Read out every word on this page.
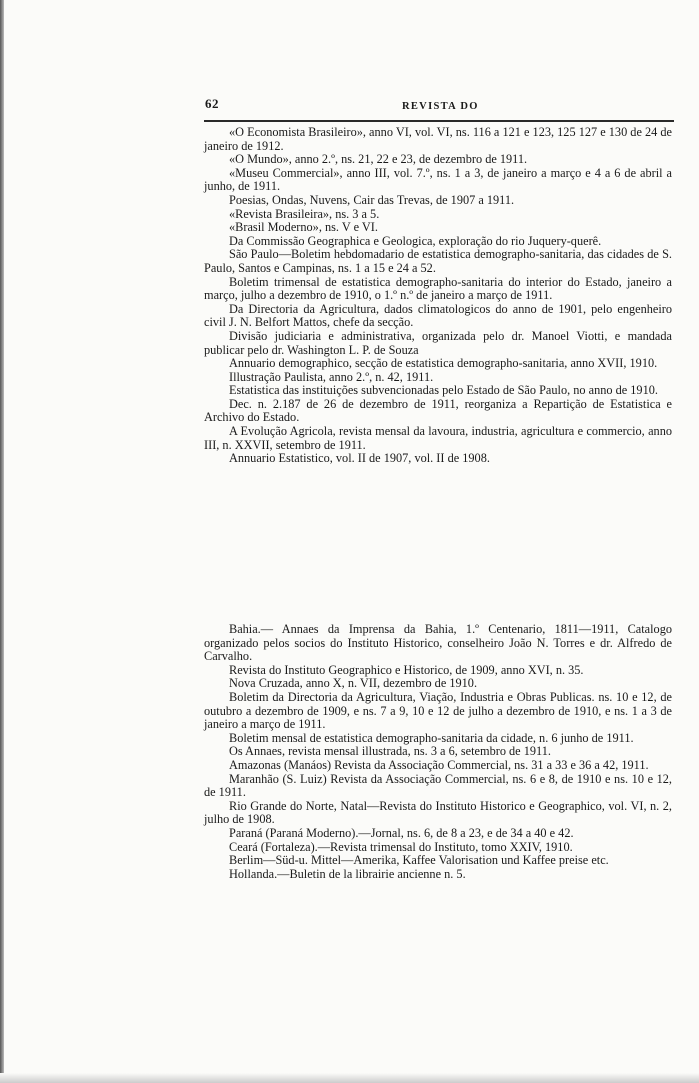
62	REVISTA DO

«O Economista Brasileiro», anno VI, vol. VI, ns. 116 a 121 e 123, 125 127 e 130 de 24 de janeiro de 1912.

«O Mundo», anno 2.º, ns. 21, 22 e 23, de dezembro de 1911.

«Museu Commercial», anno III, vol. 7.º, ns. 1 a 3, de janeiro a março e 4 a 6 de abril a junho, de 1911.

Poesias, Ondas, Nuvens, Cair das Trevas, de 1907 a 1911.

«Revista Brasileira», ns. 3 a 5.

«Brasil Moderno», ns. V e VI.

Da Commissão Geographica e Geologica, exploração do rio Juquery-querê.

São Paulo—Boletim hebdomadario de estatistica demographo-sanitaria, das cidades de S. Paulo, Santos e Campinas, ns. 1 a 15 e 24 a 52.

Boletim trimensal de estatistica demographo-sanitaria do interior do Estado, janeiro a março, julho a dezembro de 1910, o 1.º n.º de janeiro a março de 1911.

Da Directoria da Agricultura, dados climatologicos do anno de 1901, pelo engenheiro civil J. N. Belfort Mattos, chefe da secção.

Divisão judiciaria e administrativa, organizada pelo dr. Manoel Viotti, e mandada publicar pelo dr. Washington L. P. de Souza

Annuario demographico, secção de estatistica demographo-sanitaria, anno XVII, 1910.

Illustração Paulista, anno 2.º, n. 42, 1911.

Estatistica das instituições subvencionadas pelo Estado de São Paulo, no anno de 1910.

Dec. n. 2.187 de 26 de dezembro de 1911, reorganiza a Repartição de Estatistica e Archivo do Estado.

A Evolução Agricola, revista mensal da lavoura, industria, agricultura e commercio, anno III, n. XXVII, setembro de 1911.

Annuario Estatistico, vol. II de 1907, vol. II de 1908.

Bahia.— Annaes da Imprensa da Bahia, 1.º Centenario, 1811—1911, Catalogo organizado pelos socios do Instituto Historico, conselheiro João N. Torres e dr. Alfredo de Carvalho.

Revista do Instituto Geographico e Historico, de 1909, anno XVI, n. 35.

Nova Cruzada, anno X, n. VII, dezembro de 1910.

Boletim da Directoria da Agricultura, Viação, Industria e Obras Publicas. ns. 10 e 12, de outubro a dezembro de 1909, e ns. 7 a 9, 10 e 12 de julho a dezembro de 1910, e ns. 1 a 3 de janeiro a março de 1911.

Boletim mensal de estatistica demographo-sanitaria da cidade, n. 6 junho de 1911.

Os Annaes, revista mensal illustrada, ns. 3 a 6, setembro de 1911.

Amazonas (Manáos) Revista da Associação Commercial, ns. 31 a 33 e 36 a 42, 1911.

Maranhão (S. Luiz) Revista da Associação Commercial, ns. 6 e 8, de 1910 e ns. 10 e 12, de 1911.

Rio Grande do Norte, Natal—Revista do Instituto Historico e Geographico, vol. VI, n. 2, julho de 1908.

Paraná (Paraná Moderno).—Jornal, ns. 6, de 8 a 23, e de 34 a 40 e 42.

Ceará (Fortaleza).—Revista trimensal do Instituto, tomo XXIV, 1910.

Berlim—Süd-u. Mittel—Amerika, Kaffee Valorisation und Kaffee preise etc.

Hollanda.—Buletin de la librairie ancienne n. 5.
